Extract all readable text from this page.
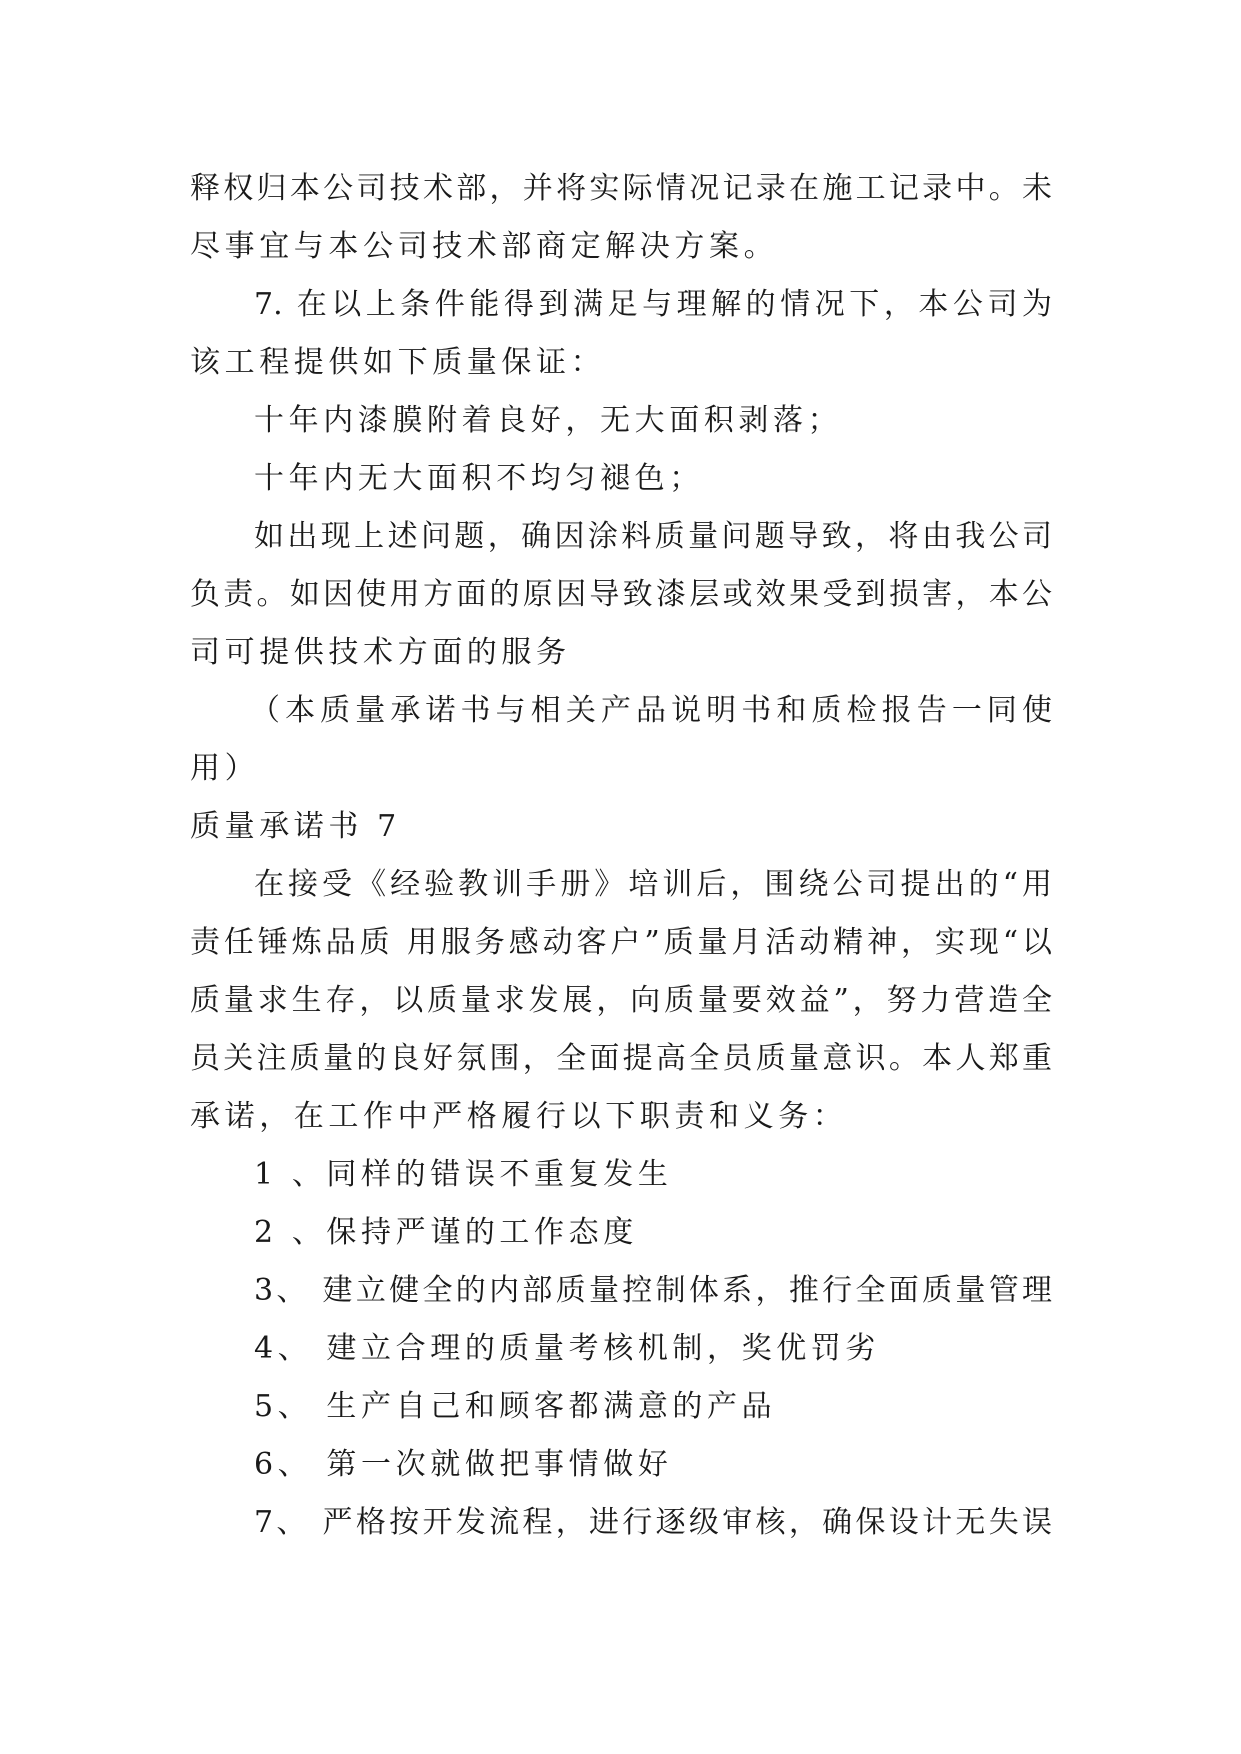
释权归本公司技术部，并将实际情况记录在施工记录中。未

尽事宜与本公司技术部商定解决方案。

7. 在以上条件能得到满足与理解的情况下，本公司为

该工程提供如下质量保证：

十年内漆膜附着良好，无大面积剥落；

十年内无大面积不均匀褪色；

如出现上述问题，确因涂料质量问题导致，将由我公司

负责。如因使用方面的原因导致漆层或效果受到损害，本公

司可提供技术方面的服务

（本质量承诺书与相关产品说明书和质检报告一同使

用）

质量承诺书 7

在接受《经验教训手册》培训后，围绕公司提出的“用

责任锤炼品质 用服务感动客户”质量月活动精神，实现“以

质量求生存，以质量求发展，向质量要效益”，努力营造全

员关注质量的良好氛围，全面提高全员质量意识。本人郑重

承诺，在工作中严格履行以下职责和义务：

1 、同样的错误不重复发生

2 、保持严谨的工作态度

3、 建立健全的内部质量控制体系，推行全面质量管理

4、 建立合理的质量考核机制，奖优罚劣

5、 生产自己和顾客都满意的产品

6、 第一次就做把事情做好

7、 严格按开发流程，进行逐级审核，确保设计无失误
